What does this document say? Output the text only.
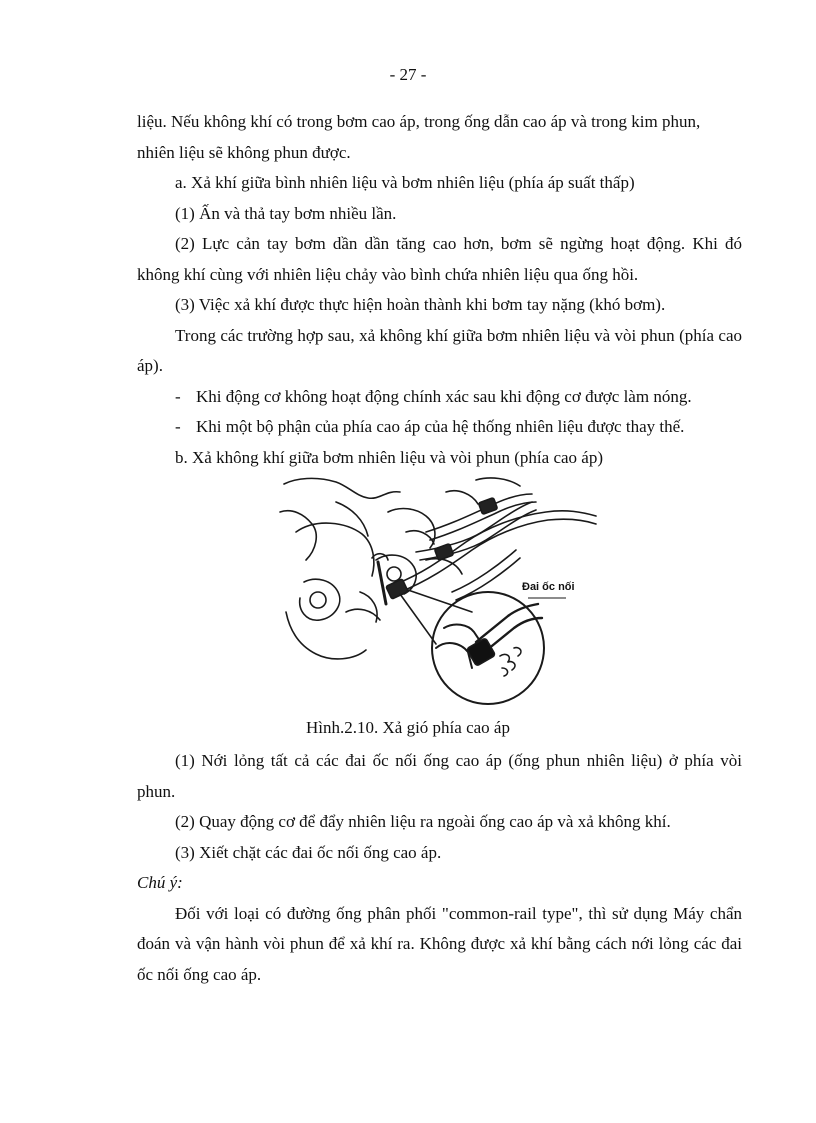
- 27 -

liệu. Nếu không khí có trong bơm cao áp, trong ống dẫn cao áp và trong kim phun,

nhiên liệu sẽ không phun được.

a. Xả khí giữa bình nhiên liệu và bơm nhiên liệu (phía áp suất thấp)

(1) Ấn và thả tay bơm nhiều lần.

(2) Lực cản tay bơm dần dần tăng cao hơn, bơm sẽ ngừng hoạt động. Khi đó không khí cùng với nhiên liệu chảy vào bình chứa nhiên liệu qua ống hồi.

(3) Việc xả khí được thực hiện hoàn thành khi bơm tay nặng (khó bơm).

Trong các trường hợp sau, xả không khí giữa bơm nhiên liệu và vòi phun (phía cao áp).

- Khi động cơ không hoạt động chính xác sau khi động cơ được làm nóng.

- Khi một bộ phận của phía cao áp của hệ thống nhiên liệu được thay thế.

b. Xả không khí giữa bơm nhiên liệu và vòi phun (phía cao áp)

Đai ốc nối
Hình.2.10. Xả gió phía cao áp

(1) Nới lỏng tất cả các đai ốc nối ống cao áp (ống phun nhiên liệu) ở phía vòi phun.

(2) Quay động cơ để đẩy nhiên liệu ra ngoài ống cao áp và xả không khí.

(3) Xiết chặt các đai ốc nối ống cao áp.

Chú ý:

Đối với loại có đường ống phân phối "common-rail type", thì sử dụng Máy chẩn đoán và vận hành vòi phun để xả khí ra. Không được xả khí bằng cách nới lỏng các đai ốc nối ống cao áp.
